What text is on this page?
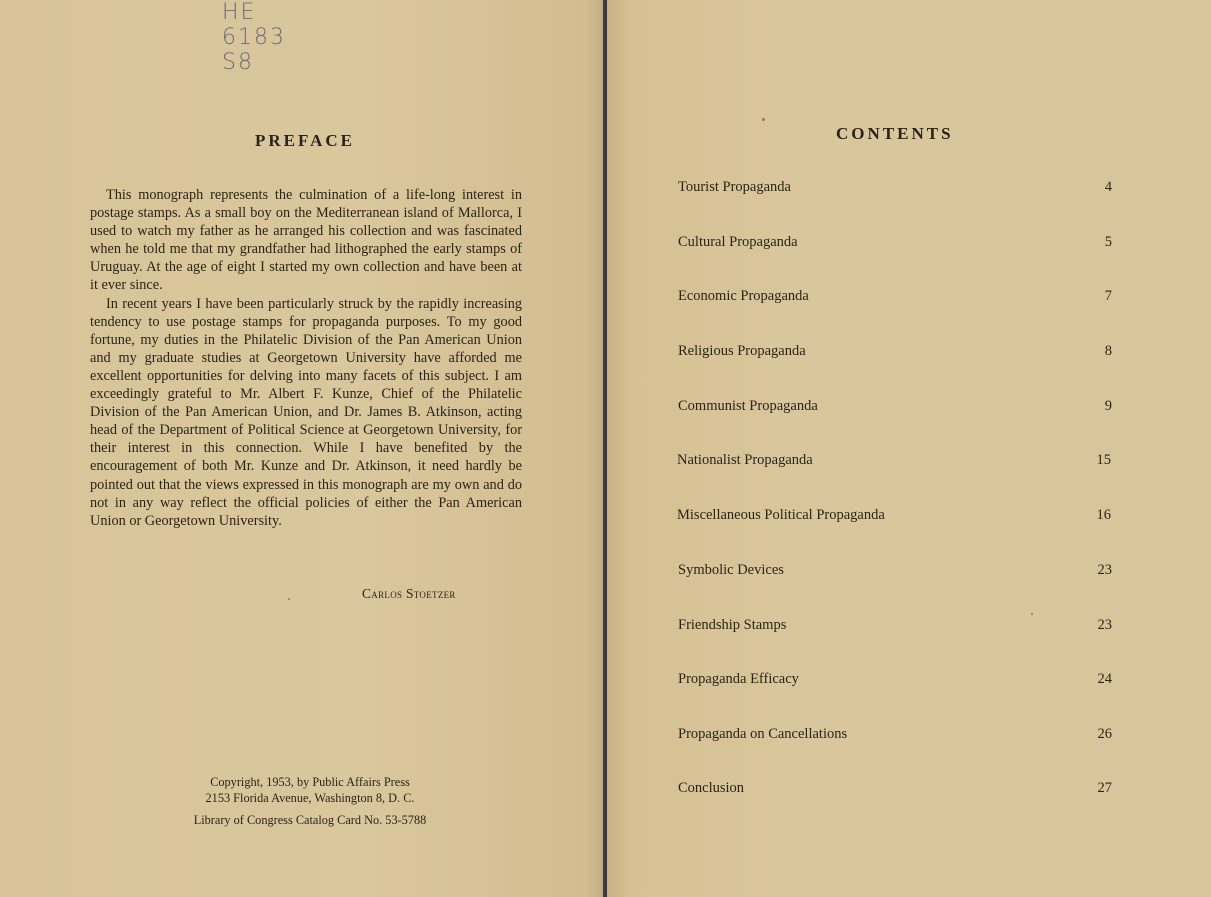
HE
6183
S8
PREFACE

This monograph represents the culmination of a life-long interest in postage stamps. As a small boy on the Mediterranean island of Mallorca, I used to watch my father as he arranged his collection and was fascinated when he told me that my grandfather had lithographed the early stamps of Uruguay. At the age of eight I started my own collection and have been at it ever since.

In recent years I have been particularly struck by the rapidly increasing tendency to use postage stamps for propaganda purposes. To my good fortune, my duties in the Philatelic Division of the Pan American Union and my graduate studies at Georgetown University have afforded me excellent opportunities for delving into many facets of this subject. I am exceedingly grateful to Mr. Albert F. Kunze, Chief of the Philatelic Division of the Pan American Union, and Dr. James B. Atkinson, acting head of the Department of Political Science at Georgetown University, for their interest in this connection. While I have benefited by the encouragement of both Mr. Kunze and Dr. Atkinson, it need hardly be pointed out that the views expressed in this monograph are my own and do not in any way reflect the official policies of either the Pan American Union or Georgetown University.

Carlos Stoetzer
Copyright, 1953, by Public Affairs Press
2153 Florida Avenue, Washington 8, D. C.
Library of Congress Catalog Card No. 53-5788
CONTENTS
Tourist Propaganda	4
Cultural Propaganda	5
Economic Propaganda	7
Religious Propaganda	8
Communist Propaganda	9
Nationalist Propaganda	15
Miscellaneous Political Propaganda	16
Symbolic Devices	23
Friendship Stamps	23
Propaganda Efficacy	24
Propaganda on Cancellations	26
Conclusion	27
